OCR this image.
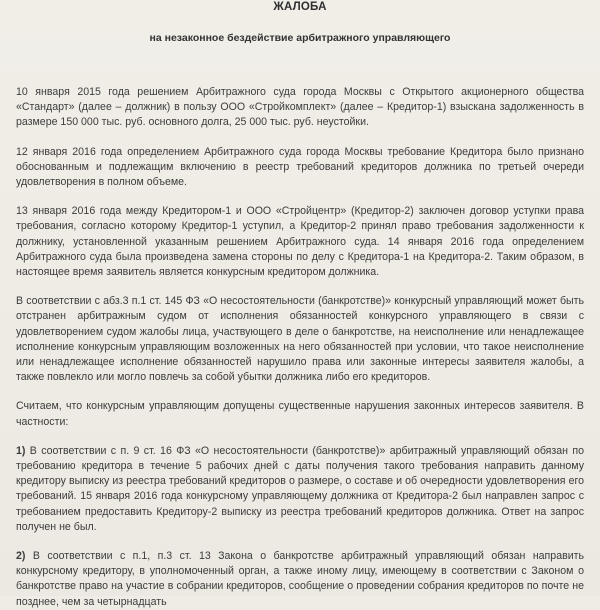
ЖАЛОБА

на незаконное бездействие арбитражного управляющего

10 января 2015 года решением Арбитражного суда города Москвы с Открытого акционерного общества «Стандарт» (далее – должник) в пользу ООО «Стройкомплект» (далее – Кредитор-1) взыскана задолженность в размере 150 000 тыс. руб. основного долга, 25 000 тыс. руб. неустойки.

12 января 2016 года определением Арбитражного суда города Москвы требование Кредитора было признано обоснованным и подлежащим включению в реестр требований кредиторов должника по третьей очереди удовлетворения в полном объеме.

13 января 2016 года между Кредитором-1 и ООО «Стройцентр» (Кредитор-2) заключен договор уступки права требования, согласно которому Кредитор-1 уступил, а Кредитор-2 принял право требования задолженности к должнику, установленной указанным решением Арбитражного суда. 14 января 2016 года определением Арбитражного суда была произведена замена стороны по делу с Кредитора-1 на Кредитора-2. Таким образом, в настоящее время заявитель является конкурсным кредитором должника.

В соответствии с абз.3 п.1 ст. 145 ФЗ «О несостоятельности (банкротстве)» конкурсный управляющий может быть отстранен арбитражным судом от исполнения обязанностей конкурсного управляющего в связи с удовлетворением судом жалобы лица, участвующего в деле о банкротстве, на неисполнение или ненадлежащее исполнение конкурсным управляющим возложенных на него обязанностей при условии, что такое неисполнение или ненадлежащее исполнение обязанностей нарушило права или законные интересы заявителя жалобы, а также повлекло или могло повлечь за собой убытки должника либо его кредиторов.

Считаем, что конкурсным управляющим допущены существенные нарушения законных интересов заявителя. В частности:

1) В соответствии с п. 9 ст. 16 ФЗ «О несостоятельности (банкротстве)» арбитражный управляющий обязан по требованию кредитора в течение 5 рабочих дней с даты получения такого требования направить данному кредитору выписку из реестра требований кредиторов о размере, о составе и об очередности удовлетворения его требований. 15 января 2016 года конкурсному управляющему должника от Кредитора-2 был направлен запрос с требованием предоставить Кредитору-2 выписку из реестра требований кредиторов должника. Ответ на запрос получен не был.

2) В соответствии с п.1, п.3 ст. 13 Закона о банкротстве арбитражный управляющий обязан направить конкурсному кредитору, в уполномоченный орган, а также иному лицу, имеющему в соответствии с Законом о банкротстве право на участие в собрании кредиторов, сообщение о проведении собрания кредиторов по почте не позднее, чем за четырнадцать
